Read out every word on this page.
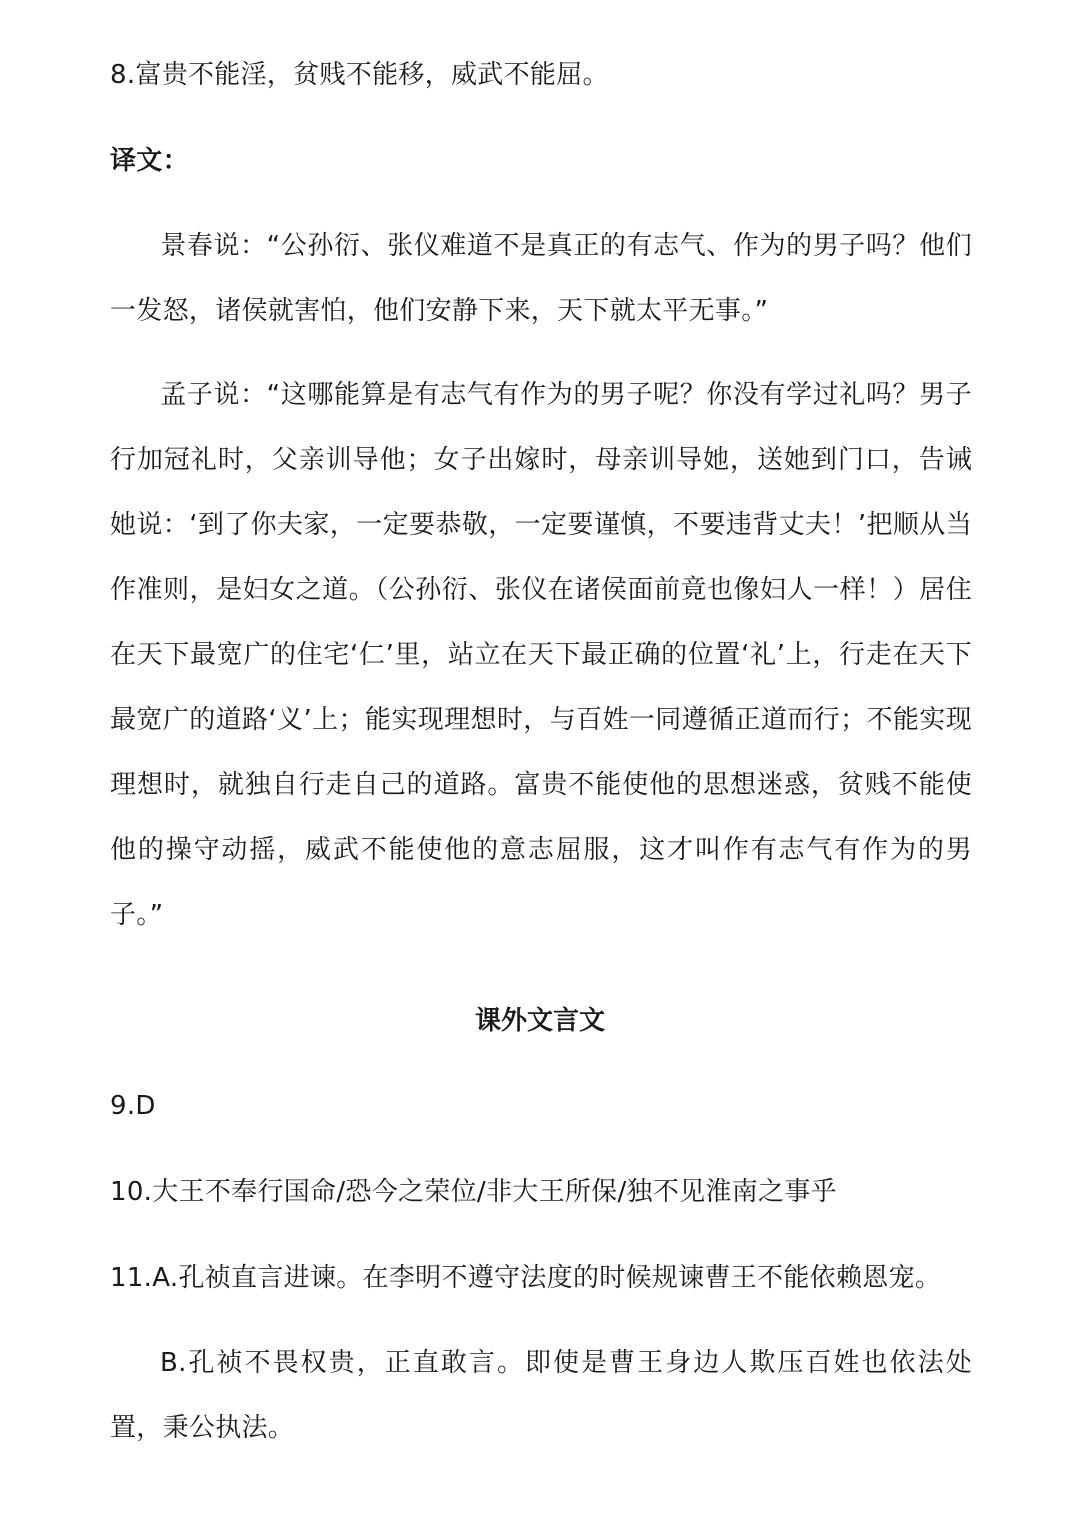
8.富贵不能淫，贫贱不能移，威武不能屈。
译文：
景春说：“公孙衍、张仪难道不是真正的有志气、作为的男子吗？他们一发怒，诸侯就害怕，他们安静下来，天下就太平无事。”
孟子说：“这哪能算是有志气有作为的男子呢？你没有学过礼吗？男子行加冠礼时，父亲训导他；女子出嫁时，母亲训导她，送她到门口，告诫她说：‘到了你夫家，一定要恭敬，一定要谨慎，不要违背丈夫！’把顺从当作准则，是妇女之道。（公孙衍、张仪在诸侯面前竟也像妇人一样！）居住在天下最宽广的住宅‘仁’里，站立在天下最正确的位置‘礼’上，行走在天下最宽广的道路‘义’上；能实现理想时，与百姓一同遵循正道而行；不能实现理想时，就独自行走自己的道路。富贵不能使他的思想迷惑，贫贱不能使他的操守动摇，威武不能使他的意志屈服，这才叫作有志气有作为的男子。”
课外文言文
9.D
10.大王不奉行国命/恐今之荣位/非大王所保/独不见淮南之事乎
11.A.孔祯直言进谏。在李明不遵守法度的时候规谏曹王不能依赖恩宠。
B.孔祯不畏权贵，正直敢言。即使是曹王身边人欺压百姓也依法处置，秉公执法。
